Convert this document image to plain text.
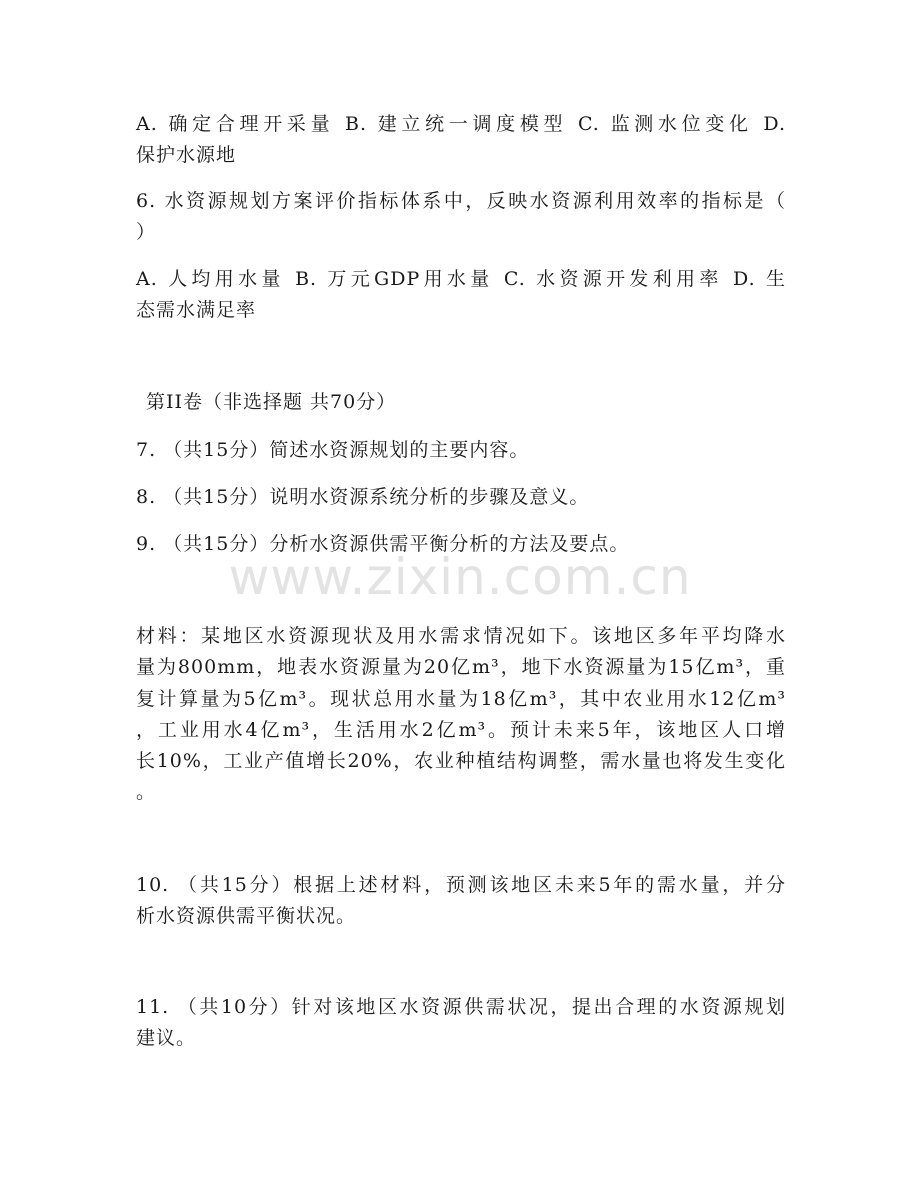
A. 确定合理开采量 B. 建立统一调度模型 C. 监测水位变化 D.
保护水源地
6. 水资源规划方案评价指标体系中，反映水资源利用效率的指标是（
）
A. 人均用水量 B. 万元GDP用水量 C. 水资源开发利用率 D. 生
态需水满足率
第II卷（非选择题 共70分）
7. （共15分）简述水资源规划的主要内容。
8. （共15分）说明水资源系统分析的步骤及意义。
9. （共15分）分析水资源供需平衡分析的方法及要点。
www.zixin.com.cn
材料：某地区水资源现状及用水需求情况如下。该地区多年平均降水
量为800mm，地表水资源量为20亿m³，地下水资源量为15亿m³，重
复计算量为5亿m³。现状总用水量为18亿m³，其中农业用水12亿m³
，工业用水4亿m³，生活用水2亿m³。预计未来5年，该地区人口增
长10%，工业产值增长20%，农业种植结构调整，需水量也将发生变化
。
10. （共15分）根据上述材料，预测该地区未来5年的需水量，并分
析水资源供需平衡状况。
11. （共10分）针对该地区水资源供需状况，提出合理的水资源规划
建议。
